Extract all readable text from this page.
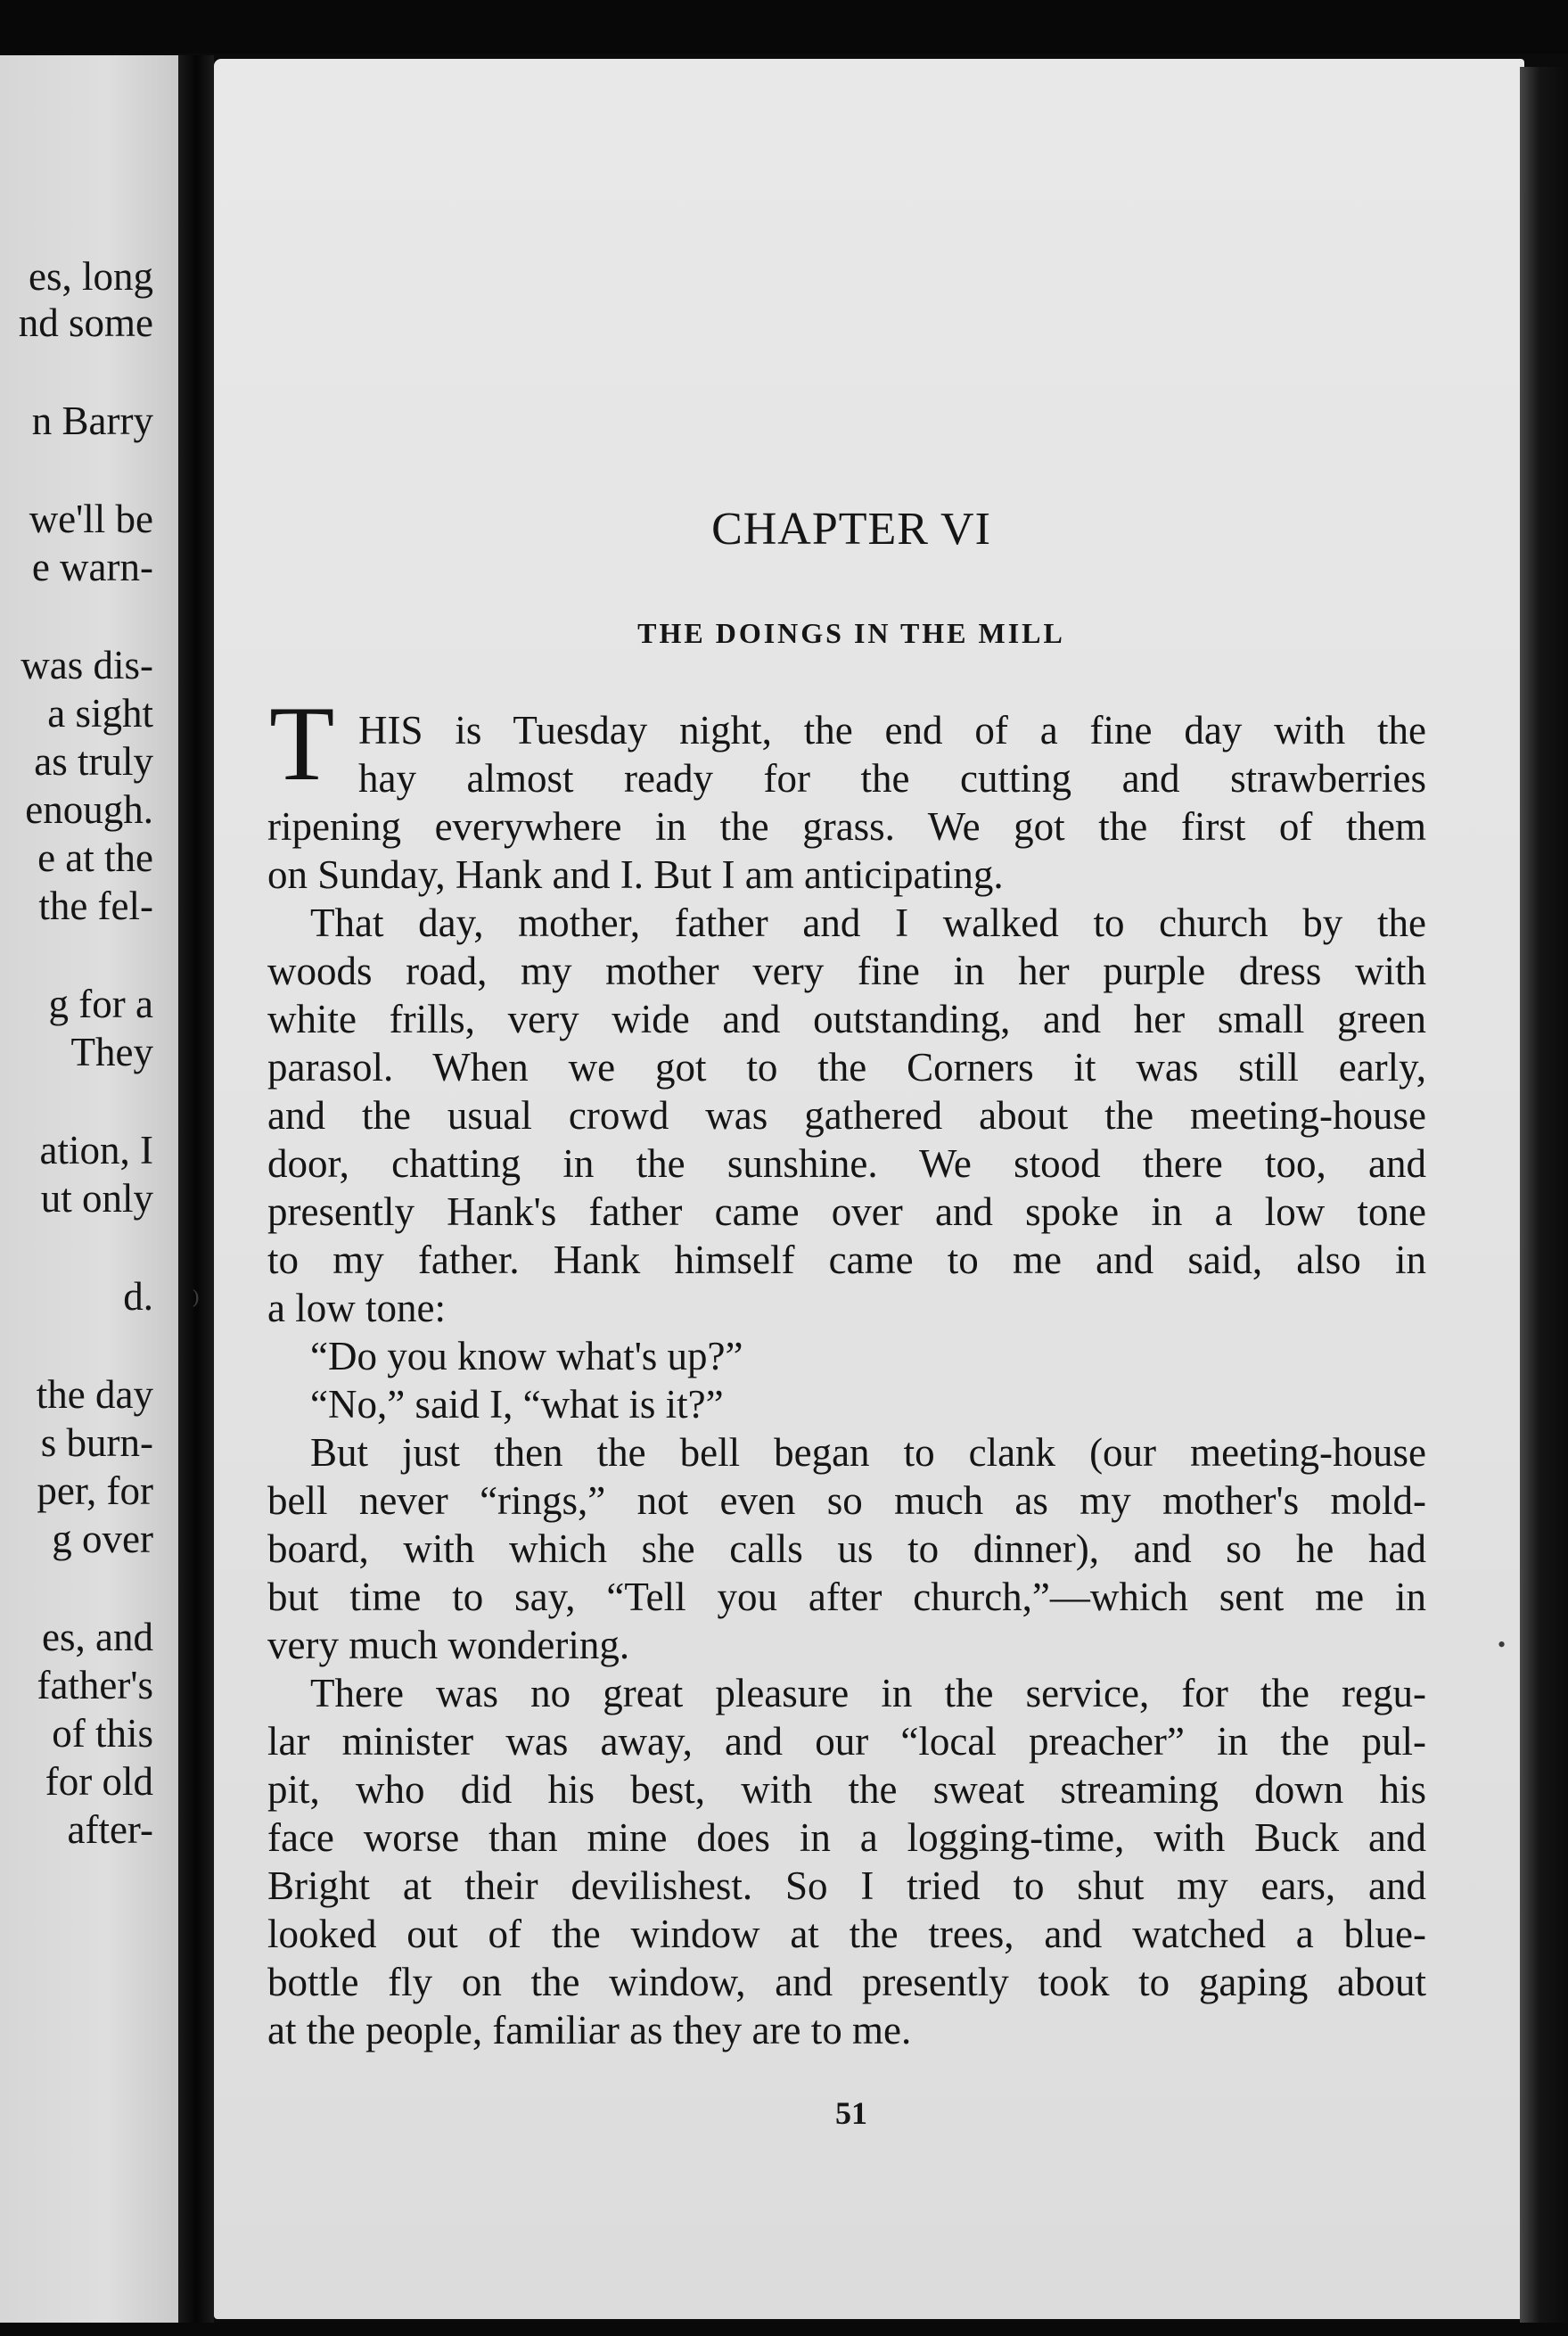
es, long
nd some
n Barry
we'll be
e warn-
was dis-
a sight
as truly
enough.
e at the
the fel-
g for a
They
ation, I
ut only
d.
the day
s burn-
per, for
g over
es, and
father's
of this
for old
after-
CHAPTER VI
THE DOINGS IN THE MILL
T HIS is Tuesday night, the end of a fine day with the
hay almost ready for the cutting and strawberries
ripening everywhere in the grass. We got the first of them
on Sunday, Hank and I. But I am anticipating.
That day, mother, father and I walked to church by the
woods road, my mother very fine in her purple dress with
white frills, very wide and outstanding, and her small green
parasol. When we got to the Corners it was still early,
and the usual crowd was gathered about the meeting-house
door, chatting in the sunshine. We stood there too, and
presently Hank's father came over and spoke in a low tone
to my father. Hank himself came to me and said, also in
a low tone:
“Do you know what's up?”
“No,” said I, “what is it?”
But just then the bell began to clank (our meeting-house
bell never “rings,” not even so much as my mother's mold-
board, with which she calls us to dinner), and so he had
but time to say, “Tell you after church,”—which sent me in
very much wondering.
There was no great pleasure in the service, for the regu-
lar minister was away, and our “local preacher” in the pul-
pit, who did his best, with the sweat streaming down his
face worse than mine does in a logging-time, with Buck and
Bright at their devilishest. So I tried to shut my ears, and
looked out of the window at the trees, and watched a blue-
bottle fly on the window, and presently took to gaping about
at the people, familiar as they are to me.
51
⁾
•
